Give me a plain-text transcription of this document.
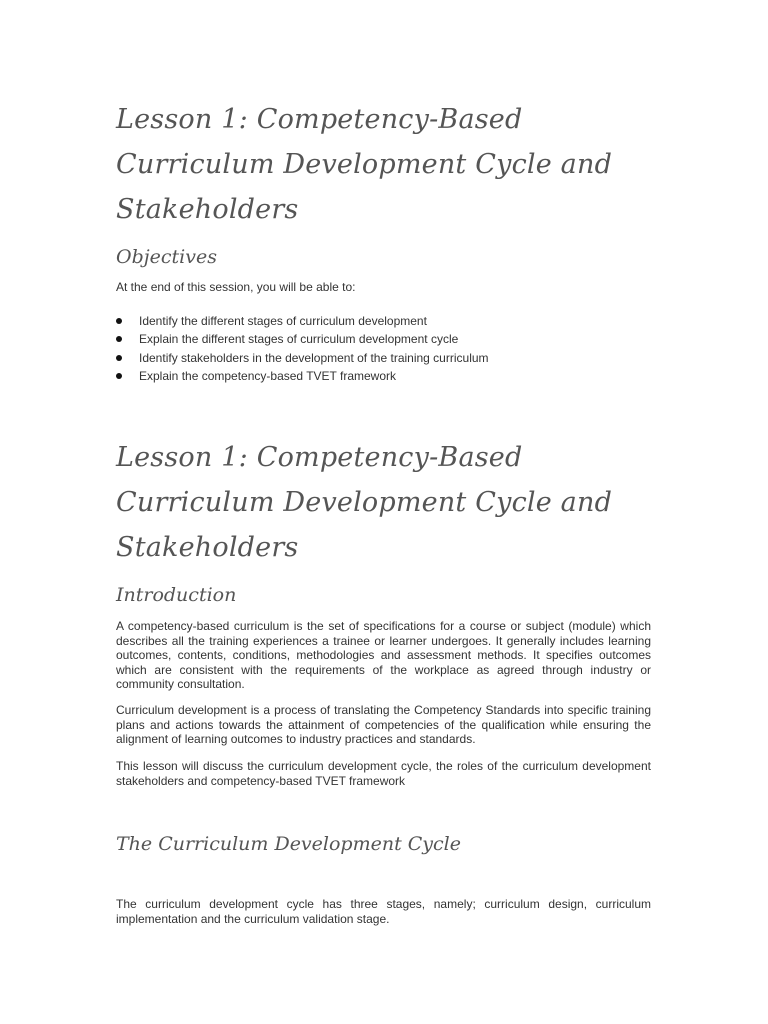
Lesson 1: Competency-Based Curriculum Development Cycle and Stakeholders
Objectives

At the end of this session, you will be able to:

Identify the different stages of curriculum development
Explain the different stages of curriculum development cycle
Identify stakeholders in the development of the training curriculum
Explain the competency-based TVET framework
Lesson 1: Competency-Based Curriculum Development Cycle and Stakeholders
Introduction

A competency-based curriculum is the set of specifications for a course or subject (module) which describes all the training experiences a trainee or learner undergoes. It generally includes learning outcomes, contents, conditions, methodologies and assessment methods. It specifies outcomes which are consistent with the requirements of the workplace as agreed through industry or community consultation.

Curriculum development is a process of translating the Competency Standards into specific training plans and actions towards the attainment of competencies of the qualification while ensuring the alignment of learning outcomes to industry practices and standards.

This lesson will discuss the curriculum development cycle, the roles of the curriculum development stakeholders and competency-based TVET framework

The Curriculum Development Cycle

The curriculum development cycle has three stages, namely; curriculum design, curriculum implementation and the curriculum validation stage.
